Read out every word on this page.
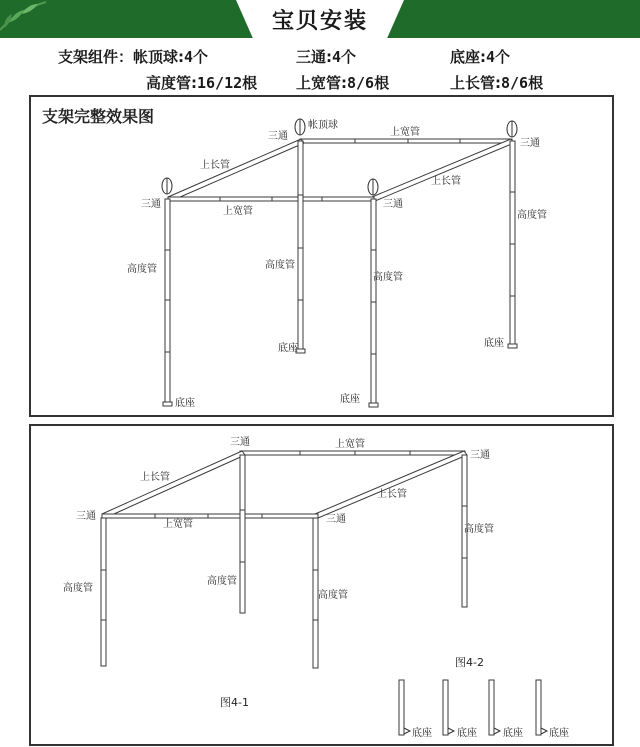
宝贝安装
支架组件：帐顶球:4个	三通:4个	底座:4个
高度管:16/12根	上宽管:8/6根	上长管:8/6根
支架完整效果图	帐顶球
三通	上宽管
三通
上长管
上长管
三通
上宽管
三通
高度管
高度管	高度管
高度管
底座	底座
底座
底座
三通	上宽管
三通
上长管
上长管
三通
上宽管	三通
高度管
高度管
高度管
高度管
图4-2
图4-1
底座	底座	底座	底座
